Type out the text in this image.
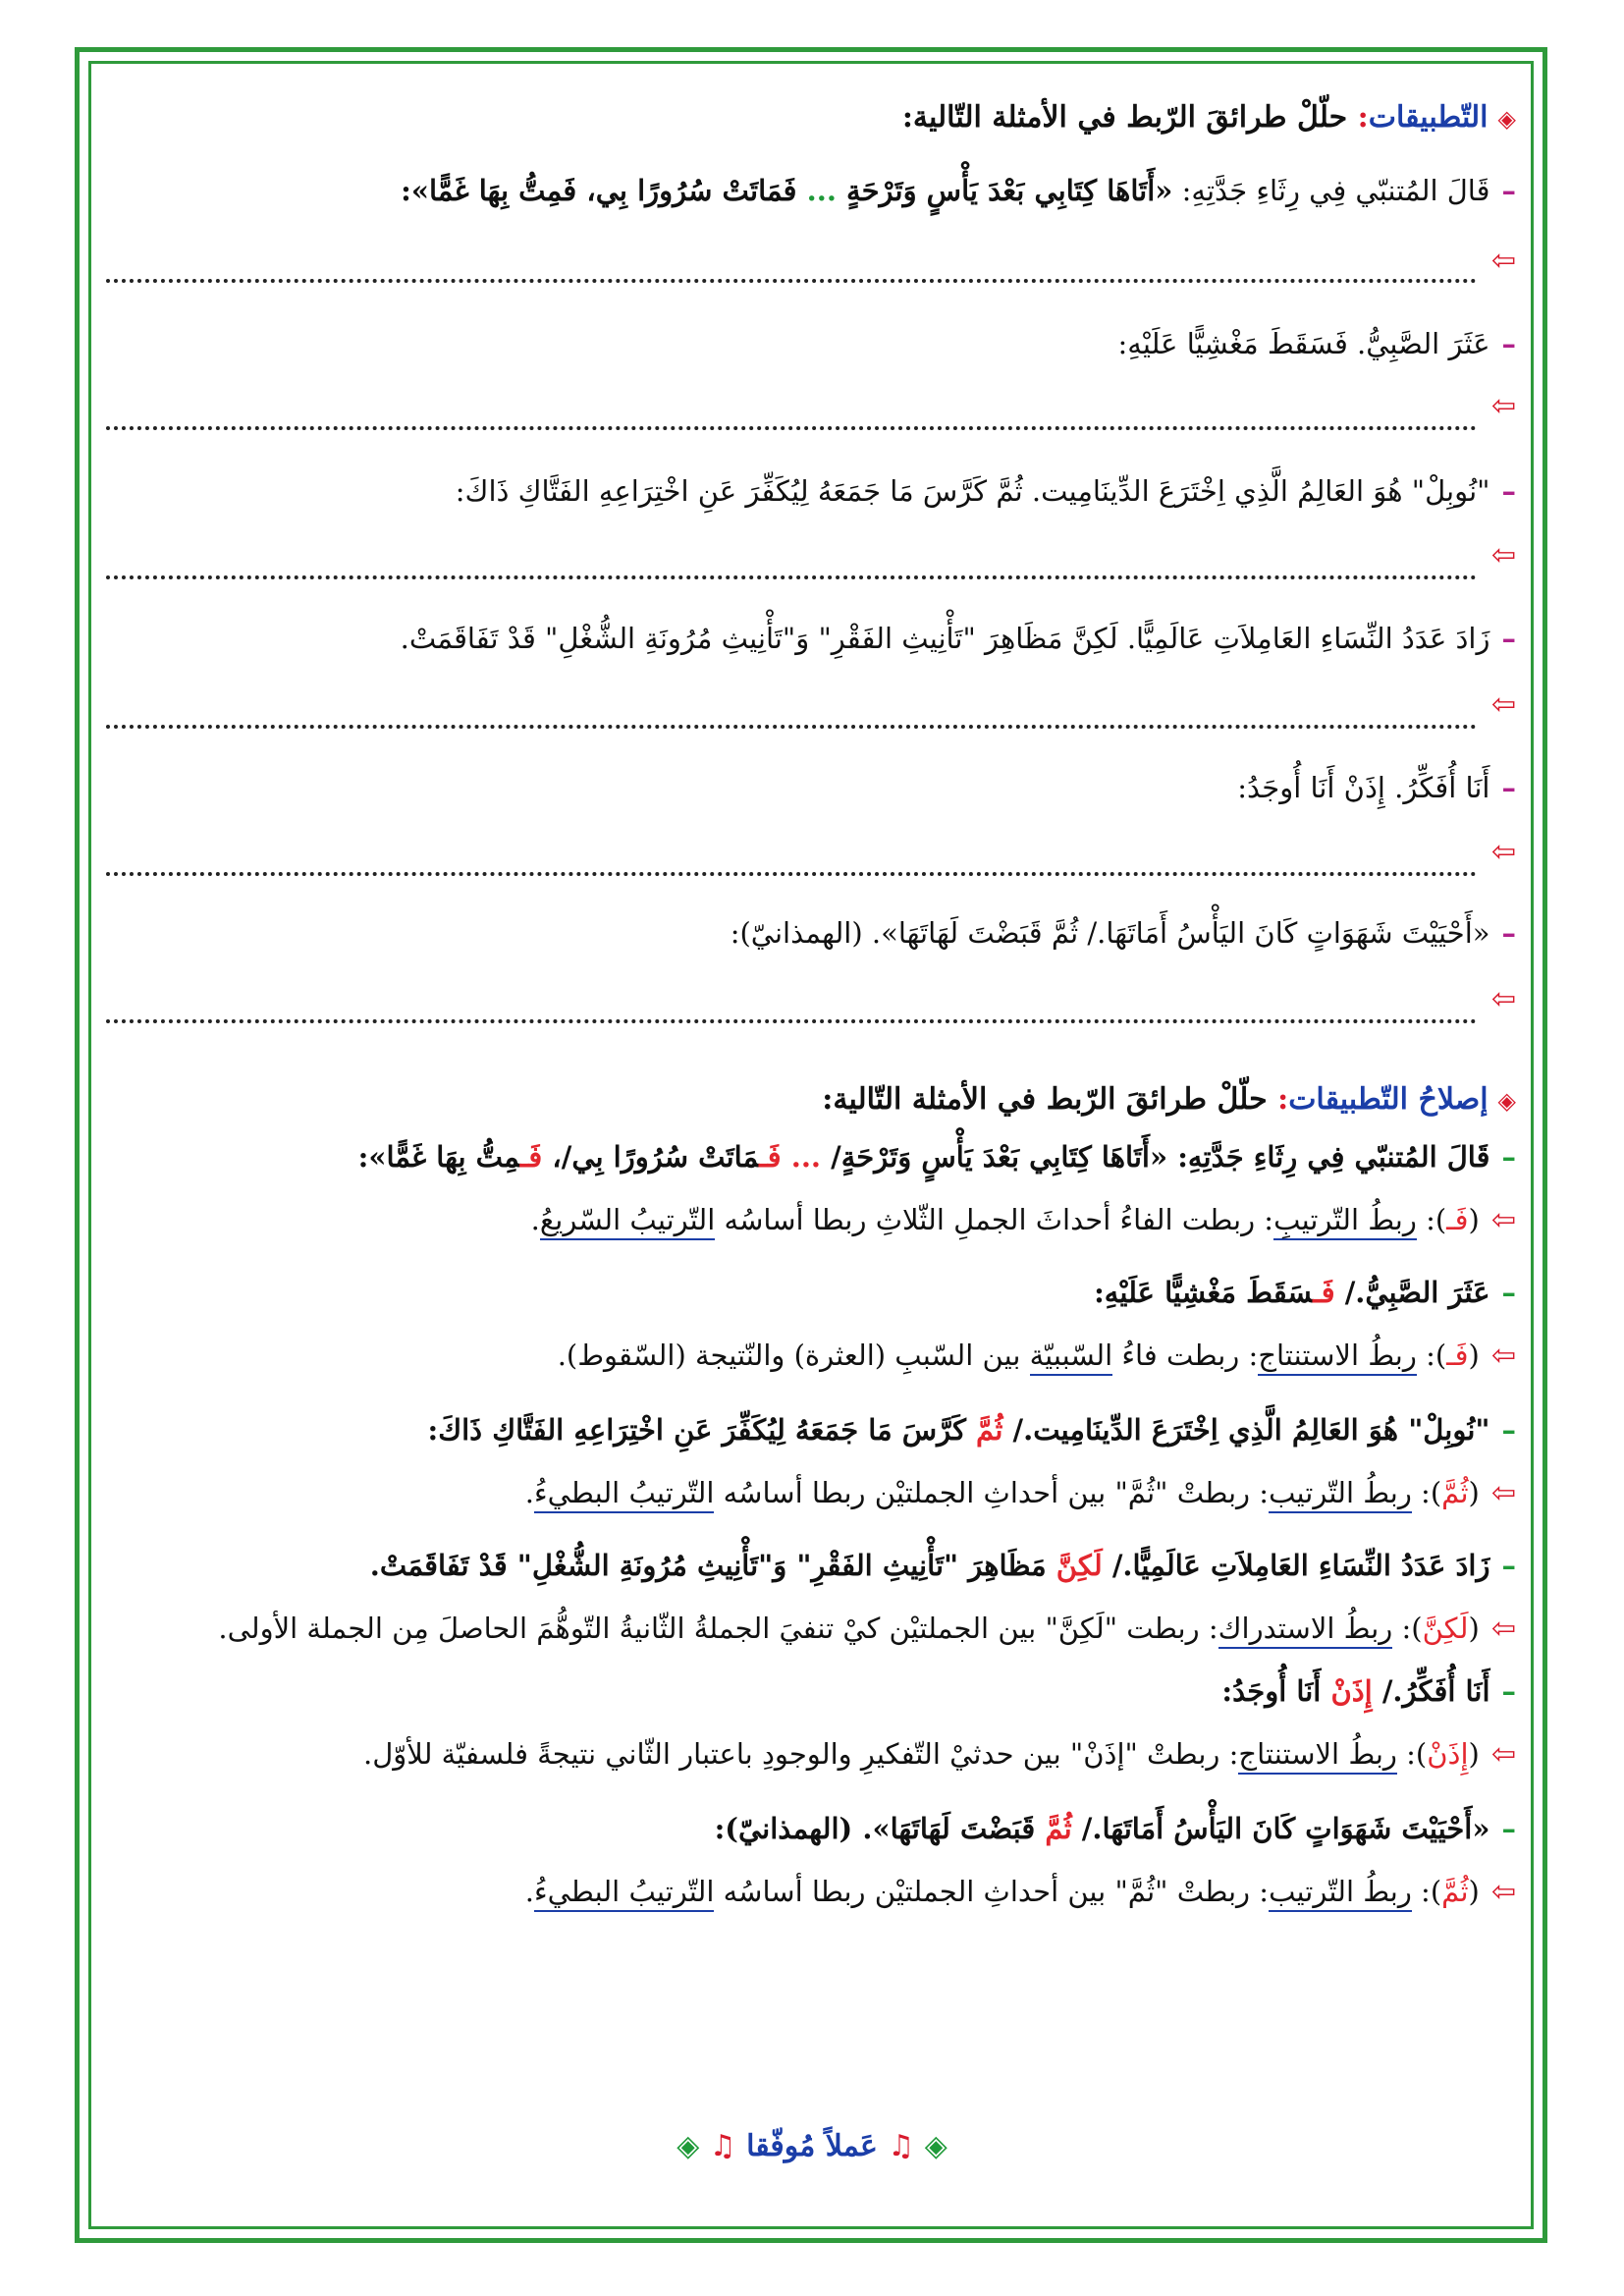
◈التّطبيقات: حلّلْ طرائقَ الرّبط في الأمثلة التّالية:
–قَالَ المُتنبّي فِي رِثَاءِ جَدَّتِهِ: «أَتَاهَا كِتَابِي بَعْدَ يَأْسٍ وَتَرْحَةٍ ... فَمَاتَتْ سُرُورًا بِي، فَمِتُّ بِهَا غَمًّا»:
⇦
–عَثَرَ الصَّبِيُّ. فَسَقَطَ مَغْشِيًّا عَلَيْهِ:
⇦
–"نُوبِلْ" هُوَ العَالِمُ الَّذِي اِخْتَرَعَ الدِّينَامِيت. ثُمَّ كَرَّسَ مَا جَمَعَهُ لِيُكَفِّرَ عَنِ اخْتِرَاعِهِ الفَتَّاكِ ذَاكَ:
⇦
–زَادَ عَدَدُ النِّسَاءِ العَامِلاَتِ عَالَمِيًّا. لَكِنَّ مَظَاهِرَ "تَأْنِيثِ الفَقْرِ" وَ"تَأْنِيثِ مُرُونَةِ الشُّغْلِ" قَدْ تَفَاقَمَتْ.
⇦
–أَنَا أُفَكِّرُ. إِذَنْ أَنَا أُوجَدُ:
⇦
–«أَحْيَيْتَ شَهَوَاتٍ كَانَ اليَأْسُ أَمَاتَهَا./ ثُمَّ قَبَضْتَ لَهَاتَهَا». (الهمذانيّ):
⇦
◈إصلاحُ التّطبيقات: حلّلْ طرائقَ الرّبط في الأمثلة التّالية:
–قَالَ المُتنبّي فِي رِثَاءِ جَدَّتِهِ: «أَتَاهَا كِتَابِي بَعْدَ يَأْسٍ وَتَرْحَةٍ/ ... فَـمَاتَتْ سُرُورًا بِي/، فَـمِتُّ بِهَا غَمًّا»:
⇦(فَـ): ربطُ التّرتيبِ: ربطت الفاءُ أحداثَ الجملِ الثّلاثِ ربطا أساسُه التّرتيبُ السّريعُ.
–عَثَرَ الصَّبِيُّ./ فَـسَقَطَ مَغْشِيًّا عَلَيْهِ:
⇦(فَـ): ربطُ الاستنتاج: ربطت فاءُ السّببيّة بين السّببِ (العثرة) والنّتيجة (السّقوط).
–"نُوبِلْ" هُوَ العَالِمُ الَّذِي اِخْتَرَعَ الدِّينَامِيت./ ثُمَّ كَرَّسَ مَا جَمَعَهُ لِيُكَفِّرَ عَنِ اخْتِرَاعِهِ الفَتَّاكِ ذَاكَ:
⇦(ثُمَّ): ربطُ التّرتيب: ربطتْ "ثُمَّ" بين أحداثِ الجملتيْن ربطا أساسُه التّرتيبُ البطيءُ.
–زَادَ عَدَدُ النِّسَاءِ العَامِلاَتِ عَالَمِيًّا./ لَكِنَّ مَظَاهِرَ "تَأْنِيثِ الفَقْرِ" وَ"تَأْنِيثِ مُرُونَةِ الشُّغْلِ" قَدْ تَفَاقَمَتْ.
⇦(لَكِنَّ): ربطُ الاستدراك: ربطت "لَكِنَّ" بين الجملتيْن كيْ تنفيَ الجملةُ الثّانيةُ التّوهُّمَ الحاصلَ مِن الجملة الأولى.
–أَنَا أُفَكِّرُ./ إِذَنْ أَنَا أُوجَدُ:
⇦(إِذَنْ): ربطُ الاستنتاج: ربطتْ "إذَنْ" بين حدثيْ التّفكيرِ والوجودِ باعتبار الثّاني نتيجةً فلسفيّة للأوّل.
–«أَحْيَيْتَ شَهَوَاتٍ كَانَ اليَأْسُ أَمَاتَهَا./ ثُمَّ قَبَضْتَ لَهَاتَهَا». (الهمذانيّ):
⇦(ثُمَّ): ربطُ التّرتيب: ربطتْ "ثُمَّ" بين أحداثِ الجملتيْن ربطا أساسُه التّرتيبُ البطيءُ.
◈ ♫ عَملاً مُوفّقا ♫ ◈
